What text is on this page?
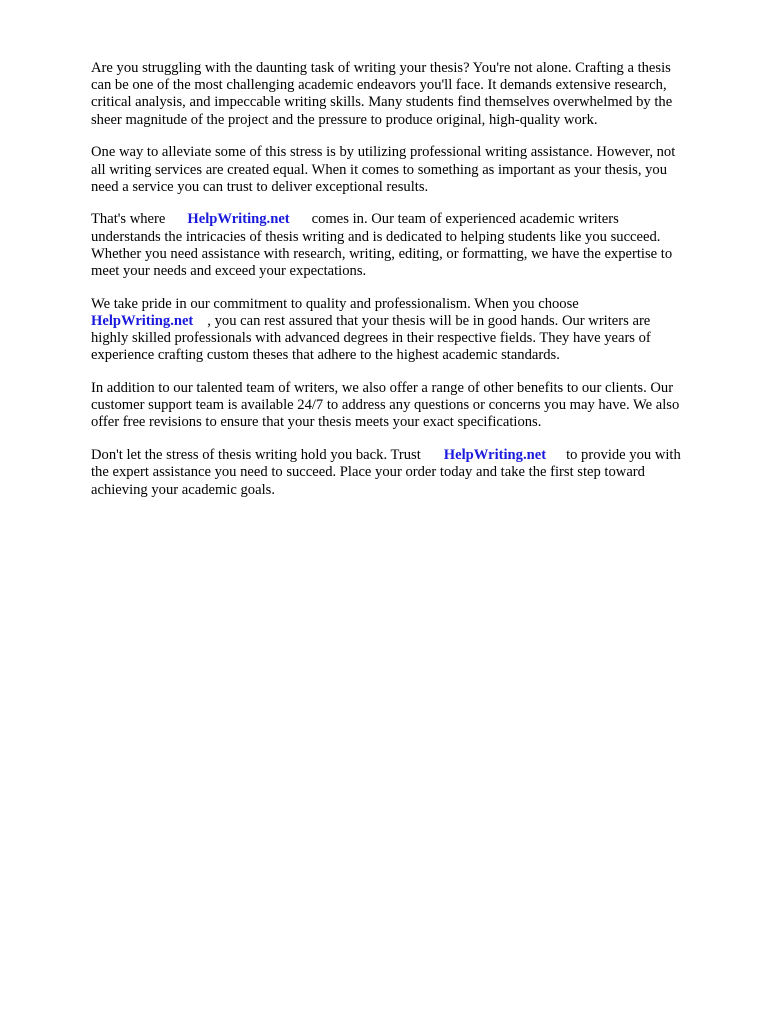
Are you struggling with the daunting task of writing your thesis? You're not alone. Crafting a thesis
can be one of the most challenging academic endeavors you'll face. It demands extensive research,
critical analysis, and impeccable writing skills. Many students find themselves overwhelmed by the
sheer magnitude of the project and the pressure to produce original, high-quality work.

One way to alleviate some of this stress is by utilizing professional writing assistance. However, not
all writing services are created equal. When it comes to something as important as your thesis, you
need a service you can trust to deliver exceptional results.

That's where HelpWriting.net comes in. Our team of experienced academic writers
understands the intricacies of thesis writing and is dedicated to helping students like you succeed.
Whether you need assistance with research, writing, editing, or formatting, we have the expertise to
meet your needs and exceed your expectations.

We take pride in our commitment to quality and professionalism. When you choose
HelpWriting.net , you can rest assured that your thesis will be in good hands. Our writers are
highly skilled professionals with advanced degrees in their respective fields. They have years of
experience crafting custom theses that adhere to the highest academic standards.

In addition to our talented team of writers, we also offer a range of other benefits to our clients. Our
customer support team is available 24/7 to address any questions or concerns you may have. We also
offer free revisions to ensure that your thesis meets your exact specifications.

Don't let the stress of thesis writing hold you back. Trust HelpWriting.net to provide you with
the expert assistance you need to succeed. Place your order today and take the first step toward
achieving your academic goals.
